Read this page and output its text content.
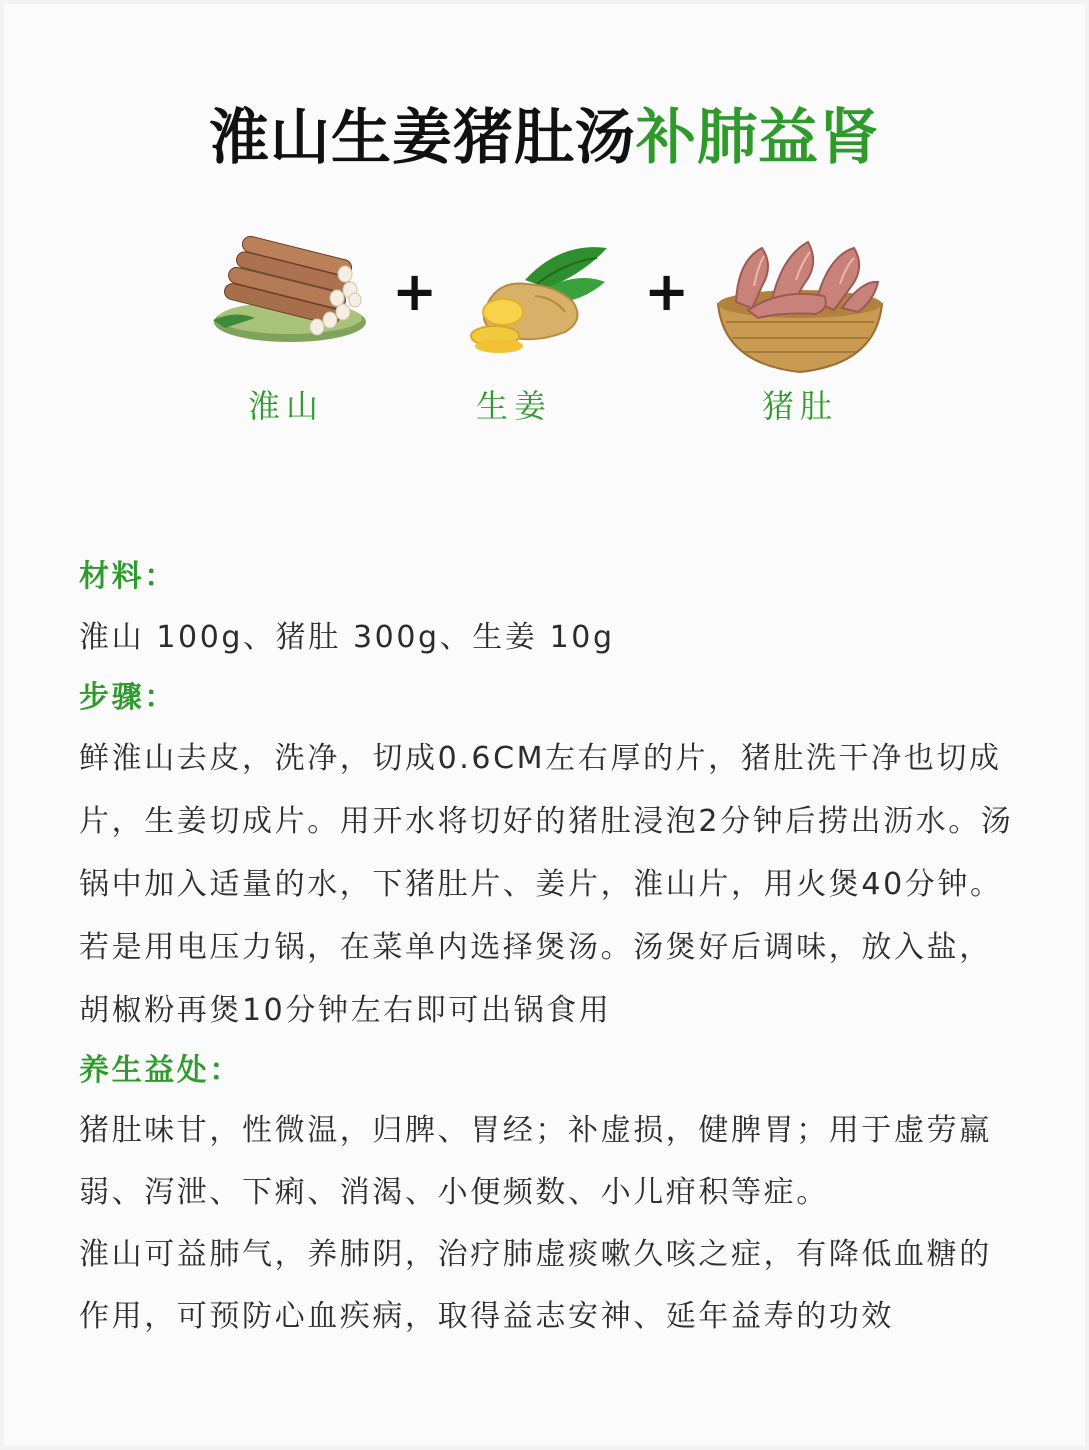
淮山生姜猪肚汤补肺益肾
+	+
淮山	生姜	猪肚
材料：
淮山 100g、猪肚 300g、生姜 10g
步骤：
鲜淮山去皮，洗净，切成0.6CM左右厚的片，猪肚洗干净也切成片，生姜切成片。用开水将切好的猪肚浸泡2分钟后捞出沥水。汤锅中加入适量的水，下猪肚片、姜片，淮山片，用火煲40分钟。若是用电压力锅，在菜单内选择煲汤。汤煲好后调味，放入盐，胡椒粉再煲10分钟左右即可出锅食用
养生益处：
猪肚味甘，性微温，归脾、胃经；补虚损，健脾胃；用于虚劳羸弱、泻泄、下痢、消渴、小便频数、小儿疳积等症。
淮山可益肺气，养肺阴，治疗肺虚痰嗽久咳之症，有降低血糖的作用，可预防心血疾病，取得益志安神、延年益寿的功效
